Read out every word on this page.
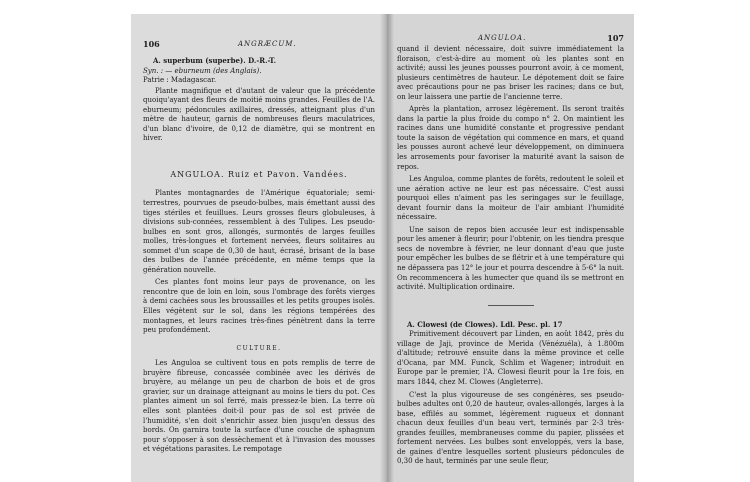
106	ANGRÆCUM.

A. superbum (superbe). D.-R.-T.

Syn. : — eburneum (des Anglais).

Patrie : Madagascar.

Plante magnifique et d'autant de valeur que la précédente quoiqu'ayant des fleurs de moitié moins grandes. Feuilles de l'A. eburneum; pédoncules axillaires, dressés, atteignant plus d'un mètre de hauteur, garnis de nombreuses fleurs maculatrices, d'un blanc d'ivoire, de 0,12 de diamètre, qui se montrent en hiver.

ANGULOA. Ruiz et Pavon. Vandées.

Plantes montagnardes de l'Amérique équatoriale; semi-terrestres, pourvues de pseudo-bulbes, mais émettant aussi des tiges stériles et feuillues. Leurs grosses fleurs globuleuses, à divisions sub-connées, ressemblent à des Tulipes. Les pseudo-bulbes en sont gros, allongés, surmontés de larges feuilles molles, très-longues et fortement nervées, fleurs solitaires au sommet d'un scape de 0,30 de haut, écrasé, brisant de la base des bulbes de l'année précédente, en même temps que la génération nouvelle.

Ces plantes font moins leur pays de provenance, on les rencontre que de loin en loin, sous l'ombrage des forêts vierges à demi cachées sous les broussailles et les petits groupes isolés. Elles végètent sur le sol, dans les régions tempérées des montagnes, et leurs racines très-fines pénètrent dans la terre peu profondément.

CULTURE.

Les Anguloa se cultivent tous en pots remplis de terre de bruyère fibreuse, concassée combinée avec les dérivés de bruyère, au mélange un peu de charbon de bois et de gros gravier, sur un drainage atteignant au moins le tiers du pot. Ces plantes aiment un sol ferré, mais pressez-le bien. La terre où elles sont plantées doit-il pour pas de sol est privée de l'humidité, s'en doit s'enrichir assez bien jusqu'en dessus des bords. On garnira toute la surface d'une couche de sphagnum pour s'opposer à son dessèchement et à l'invasion des mousses et végétations parasites. Le rempotage

ANGULOA.	107

quand il devient nécessaire, doit suivre immédiatement la floraison, c'est-à-dire au moment où les plantes sont en activité; aussi les jeunes pousses pourront avoir, à ce moment, plusieurs centimètres de hauteur. Le dépotement doit se faire avec précautions pour ne pas briser les racines; dans ce but, on leur laissera une partie de l'ancienne terre.

Après la plantation, arrosez légèrement. Ils seront traités dans la partie la plus froide du compo n° 2. On maintient les racines dans une humidité constante et progressive pendant toute la saison de végétation qui commence en mars, et quand les pousses auront achevé leur développement, on diminuera les arrosements pour favoriser la maturité avant la saison de repos.

Les Anguloa, comme plantes de forêts, redoutent le soleil et une aération active ne leur est pas nécessaire. C'est aussi pourquoi elles n'aiment pas les seringages sur le feuillage, devant fournir dans la moiteur de l'air ambiant l'humidité nécessaire.

Une saison de repos bien accusée leur est indispensable pour les amener à fleurir; pour l'obtenir, on les tiendra presque secs de novembre à février, ne leur donnant d'eau que juste pour empêcher les bulbes de se flétrir et à une température qui ne dépassera pas 12° le jour et pourra descendre à 5-6° la nuit. On recommencera à les humecter que quand ils se mettront en activité. Multiplication ordinaire.

A. Clowesi (de Clowes). Ldl. Pesc. pl. 17

Primitivement découvert par Linden, en août 1842, près du village de Jaji, province de Merida (Vénézuéla), à 1.800m d'altitude; retrouvé ensuite dans la même province et celle d'Ocana, par MM. Funck, Schlim et Wagener; introduit en Europe par le premier, l'A. Clowesi fleurit pour la 1re fois, en mars 1844, chez M. Clowes (Angleterre).

C'est la plus vigoureuse de ses congénères, ses pseudo-bulbes adultes ont 0,20 de hauteur, ovales-allongés, larges à la base, effilés au sommet, légèrement rugueux et donnant chacun deux feuilles d'un beau vert, terminés par 2-3 très-grandes feuilles, membraneuses comme du papier, plissées et fortement nervées. Les bulbes sont enveloppés, vers la base, de gaines d'entre lesquelles sortent plusieurs pédoncules de 0,30 de haut, terminés par une seule fleur,
